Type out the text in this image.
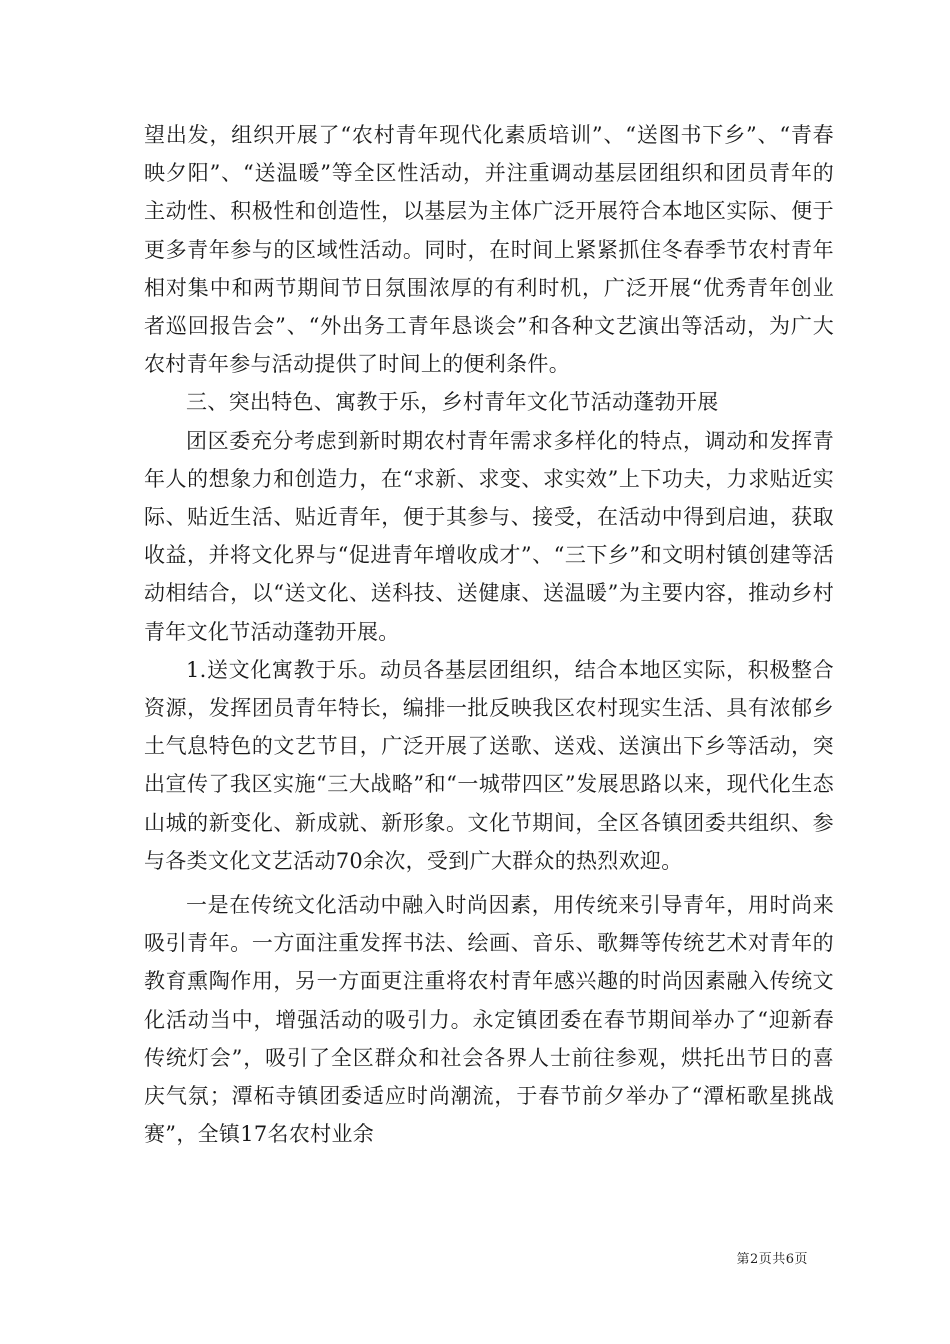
望出发，组织开展了“农村青年现代化素质培训”、“送图书下乡”、“青春映夕阳”、“送温暖”等全区性活动，并注重调动基层团组织和团员青年的主动性、积极性和创造性，以基层为主体广泛开展符合本地区实际、便于更多青年参与的区域性活动。同时，在时间上紧紧抓住冬春季节农村青年相对集中和两节期间节日氛围浓厚的有利时机，广泛开展“优秀青年创业者巡回报告会”、“外出务工青年恳谈会”和各种文艺演出等活动，为广大农村青年参与活动提供了时间上的便利条件。

三、突出特色、寓教于乐，乡村青年文化节活动蓬勃开展

团区委充分考虑到新时期农村青年需求多样化的特点，调动和发挥青年人的想象力和创造力，在“求新、求变、求实效”上下功夫，力求贴近实际、贴近生活、贴近青年，便于其参与、接受，在活动中得到启迪，获取收益，并将文化界与“促进青年增收成才”、“三下乡”和文明村镇创建等活动相结合，以“送文化、送科技、送健康、送温暖”为主要内容，推动乡村青年文化节活动蓬勃开展。

1.送文化寓教于乐。动员各基层团组织，结合本地区实际，积极整合资源，发挥团员青年特长，编排一批反映我区农村现实生活、具有浓郁乡土气息特色的文艺节目，广泛开展了送歌、送戏、送演出下乡等活动，突出宣传了我区实施“三大战略”和“一城带四区”发展思路以来，现代化生态山城的新变化、新成就、新形象。文化节期间，全区各镇团委共组织、参与各类文化文艺活动70余次，受到广大群众的热烈欢迎。

一是在传统文化活动中融入时尚因素，用传统来引导青年，用时尚来吸引青年。一方面注重发挥书法、绘画、音乐、歌舞等传统艺术对青年的教育熏陶作用，另一方面更注重将农村青年感兴趣的时尚因素融入传统文化活动当中，增强活动的吸引力。永定镇团委在春节期间举办了“迎新春传统灯会”，吸引了全区群众和社会各界人士前往参观，烘托出节日的喜庆气氛；潭柘寺镇团委适应时尚潮流，于春节前夕举办了“潭柘歌星挑战赛”，全镇17名农村业余

第2页共6页
